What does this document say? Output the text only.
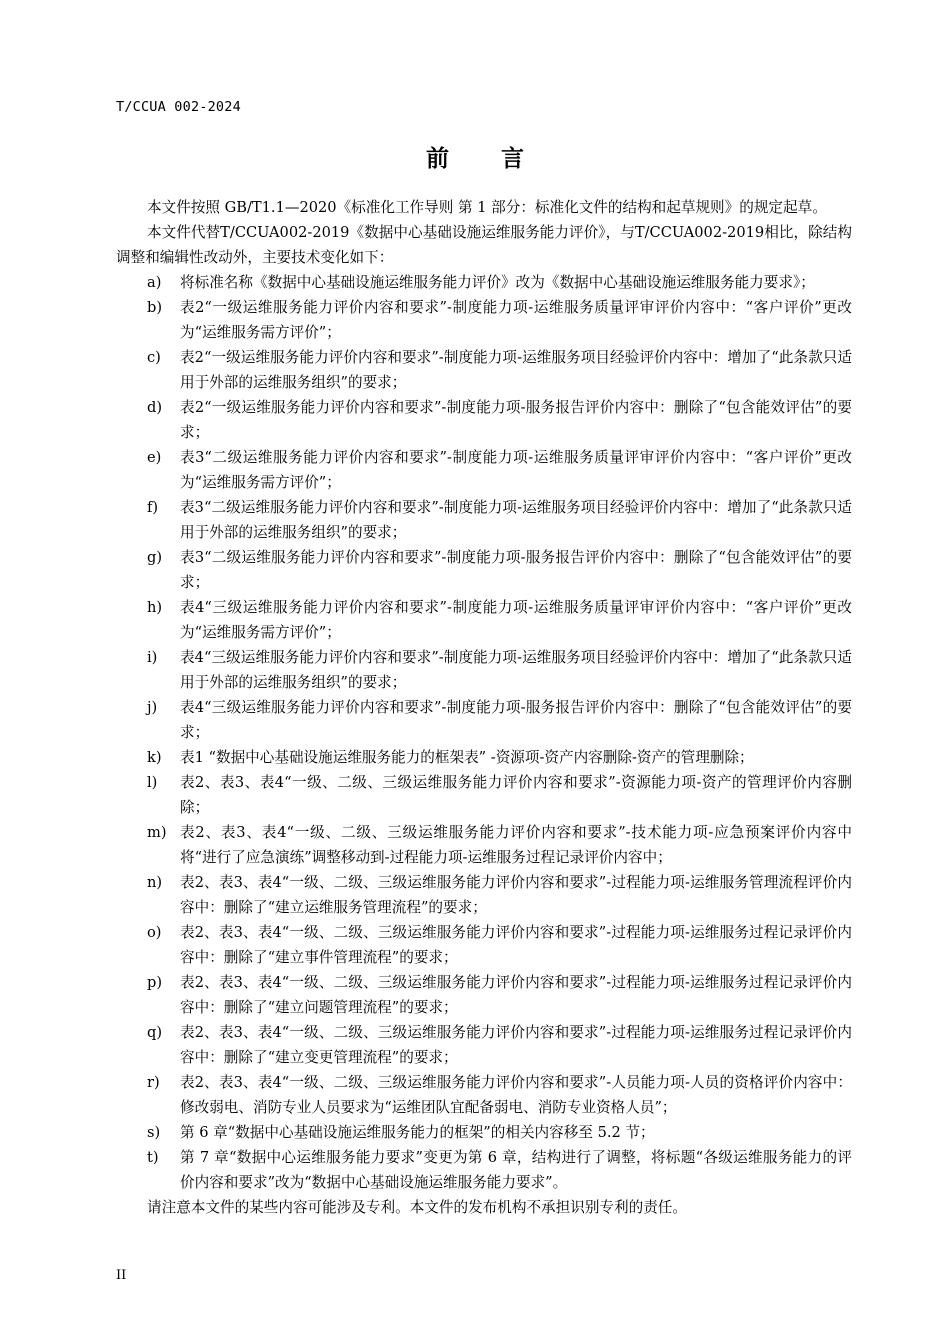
T/CCUA 002-2024
前 言

本文件按照 GB/T1.1—2020《标准化工作导则 第 1 部分：标准化文件的结构和起草规则》的规定起草。

本文件代替T/CCUA002-2019《数据中心基础设施运维服务能力评价》，与T/CCUA002-2019相比，除结构调整和编辑性改动外，主要技术变化如下：

a) 将标准名称《数据中心基础设施运维服务能力评价》改为《数据中心基础设施运维服务能力要求》；
b) 表2“一级运维服务能力评价内容和要求”-制度能力项-运维服务质量评审评价内容中：“客户评价”更改为“运维服务需方评价”；
c) 表2“一级运维服务能力评价内容和要求”-制度能力项-运维服务项目经验评价内容中：增加了“此条款只适用于外部的运维服务组织”的要求；
d) 表2“一级运维服务能力评价内容和要求”-制度能力项-服务报告评价内容中：删除了“包含能效评估”的要求；
e) 表3“二级运维服务能力评价内容和要求”-制度能力项-运维服务质量评审评价内容中：“客户评价”更改为“运维服务需方评价”；
f) 表3“二级运维服务能力评价内容和要求”-制度能力项-运维服务项目经验评价内容中：增加了“此条款只适用于外部的运维服务组织”的要求；
g) 表3“二级运维服务能力评价内容和要求”-制度能力项-服务报告评价内容中：删除了“包含能效评估”的要求；
h) 表4“三级运维服务能力评价内容和要求”-制度能力项-运维服务质量评审评价内容中：“客户评价”更改为“运维服务需方评价”；
i) 表4“三级运维服务能力评价内容和要求”-制度能力项-运维服务项目经验评价内容中：增加了“此条款只适用于外部的运维服务组织”的要求；
j) 表4“三级运维服务能力评价内容和要求”-制度能力项-服务报告评价内容中：删除了“包含能效评估”的要求；
k) 表1 “数据中心基础设施运维服务能力的框架表” -资源项-资产内容删除-资产的管理删除；
l) 表2、表3、表4“一级、二级、三级运维服务能力评价内容和要求”-资源能力项-资产的管理评价内容删除；
m) 表2、表3、表4“一级、二级、三级运维服务能力评价内容和要求”-技术能力项-应急预案评价内容中将“进行了应急演练”调整移动到-过程能力项-运维服务过程记录评价内容中；
n) 表2、表3、表4“一级、二级、三级运维服务能力评价内容和要求”-过程能力项-运维服务管理流程评价内容中：删除了“建立运维服务管理流程”的要求；
o) 表2、表3、表4“一级、二级、三级运维服务能力评价内容和要求”-过程能力项-运维服务过程记录评价内容中：删除了“建立事件管理流程”的要求；
p) 表2、表3、表4“一级、二级、三级运维服务能力评价内容和要求”-过程能力项-运维服务过程记录评价内容中：删除了“建立问题管理流程”的要求；
q) 表2、表3、表4“一级、二级、三级运维服务能力评价内容和要求”-过程能力项-运维服务过程记录评价内容中：删除了“建立变更管理流程”的要求；
r) 表2、表3、表4“一级、二级、三级运维服务能力评价内容和要求”-人员能力项-人员的资格评价内容中：修改弱电、消防专业人员要求为“运维团队宜配备弱电、消防专业资格人员”；
s) 第 6 章“数据中心基础设施运维服务能力的框架”的相关内容移至 5.2 节；
t) 第 7 章“数据中心运维服务能力要求”变更为第 6 章，结构进行了调整，将标题“各级运维服务能力的评价内容和要求”改为“数据中心基础设施运维服务能力要求”。

请注意本文件的某些内容可能涉及专利。本文件的发布机构不承担识别专利的责任。

II
